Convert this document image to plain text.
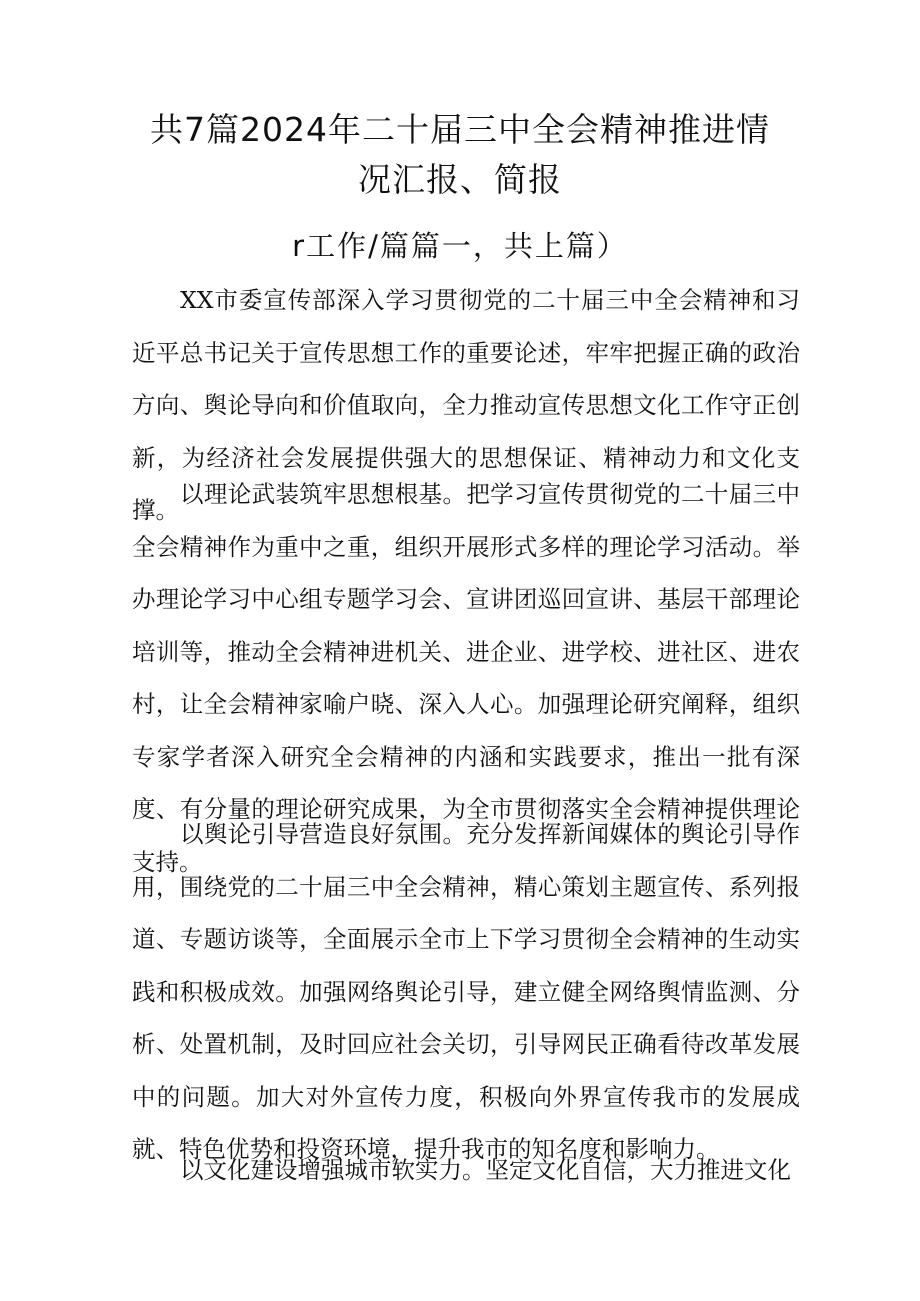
共7篇2024年二十届三中全会精神推进情
况汇报、简报
r工作/篇篇一，共上篇）

XX市委宣传部深入学习贯彻党的二十届三中全会精神和习近平总书记关于宣传思想工作的重要论述，牢牢把握正确的政治方向、舆论导向和价值取向，全力推动宣传思想文化工作守正创新，为经济社会发展提供强大的思想保证、精神动力和文化支撑。

以理论武装筑牢思想根基。把学习宣传贯彻党的二十届三中全会精神作为重中之重，组织开展形式多样的理论学习活动。举办理论学习中心组专题学习会、宣讲团巡回宣讲、基层干部理论培训等，推动全会精神进机关、进企业、进学校、进社区、进农村，让全会精神家喻户晓、深入人心。加强理论研究阐释，组织专家学者深入研究全会精神的内涵和实践要求，推出一批有深度、有分量的理论研究成果，为全市贯彻落实全会精神提供理论支持。

以舆论引导营造良好氛围。充分发挥新闻媒体的舆论引导作用，围绕党的二十届三中全会精神，精心策划主题宣传、系列报道、专题访谈等，全面展示全市上下学习贯彻全会精神的生动实践和积极成效。加强网络舆论引导，建立健全网络舆情监测、分析、处置机制，及时回应社会关切，引导网民正确看待改革发展中的问题。加大对外宣传力度，积极向外界宣传我市的发展成就、特色优势和投资环境，提升我市的知名度和影响力。

以文化建设增强城市软实力。坚定文化自信，大力推进文化
